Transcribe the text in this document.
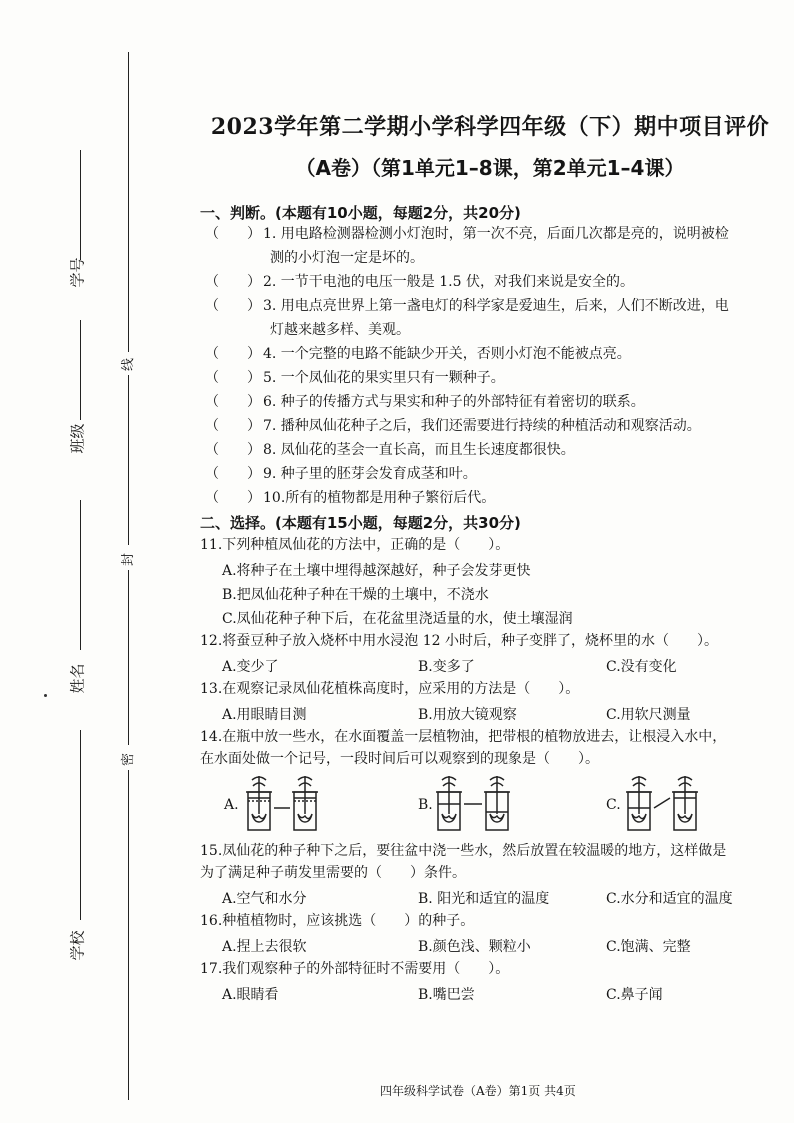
线
封
密
学号
班级
姓名
学校
2023学年第二学期小学科学四年级（下）期中项目评价
（A卷）（第1单元1–8课，第2单元1–4课）
一、判断。(本题有10小题，每题2分，共20分)
（　　） 1. 用电路检测器检测小灯泡时，第一次不亮，后面几次都是亮的，说明被检
测的小灯泡一定是坏的。
（　　） 2. 一节干电池的电压一般是 1.5 伏，对我们来说是安全的。
（　　） 3. 用电点亮世界上第一盏电灯的科学家是爱迪生，后来，人们不断改进，电
灯越来越多样、美观。
（　　） 4. 一个完整的电路不能缺少开关，否则小灯泡不能被点亮。
（　　） 5. 一个凤仙花的果实里只有一颗种子。
（　　） 6. 种子的传播方式与果实和种子的外部特征有着密切的联系。
（　　） 7. 播种凤仙花种子之后，我们还需要进行持续的种植活动和观察活动。
（　　） 8. 凤仙花的茎会一直长高，而且生长速度都很快。
（　　） 9. 种子里的胚芽会发育成茎和叶。
（　　） 10.所有的植物都是用种子繁衍后代。
二、选择。(本题有15小题，每题2分，共30分)
11.下列种植凤仙花的方法中，正确的是（　　）。
A.将种子在土壤中埋得越深越好，种子会发芽更快
B.把凤仙花种子种在干燥的土壤中，不浇水
C.凤仙花种子种下后，在花盆里浇适量的水，使土壤湿润
12.将蚕豆种子放入烧杯中用水浸泡 12 小时后，种子变胖了，烧杯里的水（　　）。
A.变少了	B.变多了	C.没有变化
13.在观察记录凤仙花植株高度时，应采用的方法是（　　）。
A.用眼睛目测	B.用放大镜观察	C.用软尺测量
14.在瓶中放一些水，在水面覆盖一层植物油，把带根的植物放进去，让根浸入水中，
在水面处做一个记号，一段时间后可以观察到的现象是（　　）。
A.	B.	C.
15.凤仙花的种子种下之后，要往盆中浇一些水，然后放置在较温暖的地方，这样做是
为了满足种子萌发里需要的（　　）条件。
A.空气和水分	B. 阳光和适宜的温度	C.水分和适宜的温度
16.种植植物时，应该挑选（　　）的种子。
A.捏上去很软	B.颜色浅、颗粒小	C.饱满、完整
17.我们观察种子的外部特征时不需要用（　　）。
A.眼睛看	B.嘴巴尝	C.鼻子闻
四年级科学试卷（A卷）第1页 共4页
